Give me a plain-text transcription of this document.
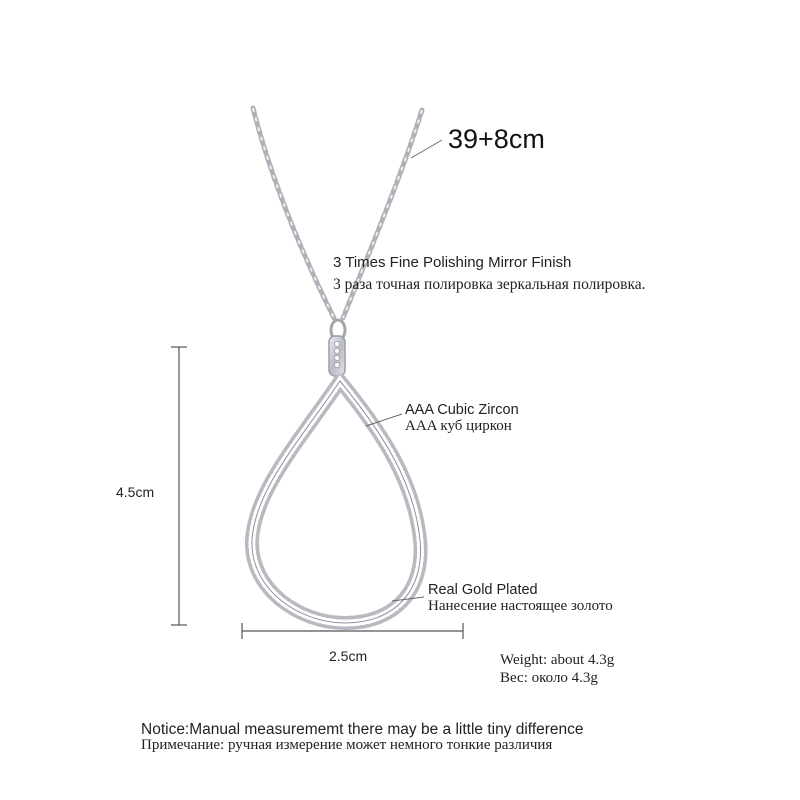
39+8cm
3 Times Fine Polishing Mirror Finish
3 раза точная полировка зеркальная полировка.
AAA Cubic Zircon
AAA куб циркон
4.5cm
Real Gold Plated
Нанесение настоящее золото
2.5cm	Weight: about 4.3g
Вес: около 4.3g
Notice:Manual measurememt there may be a little tiny difference
Примечание: ручная измерение может немного тонкие различия
